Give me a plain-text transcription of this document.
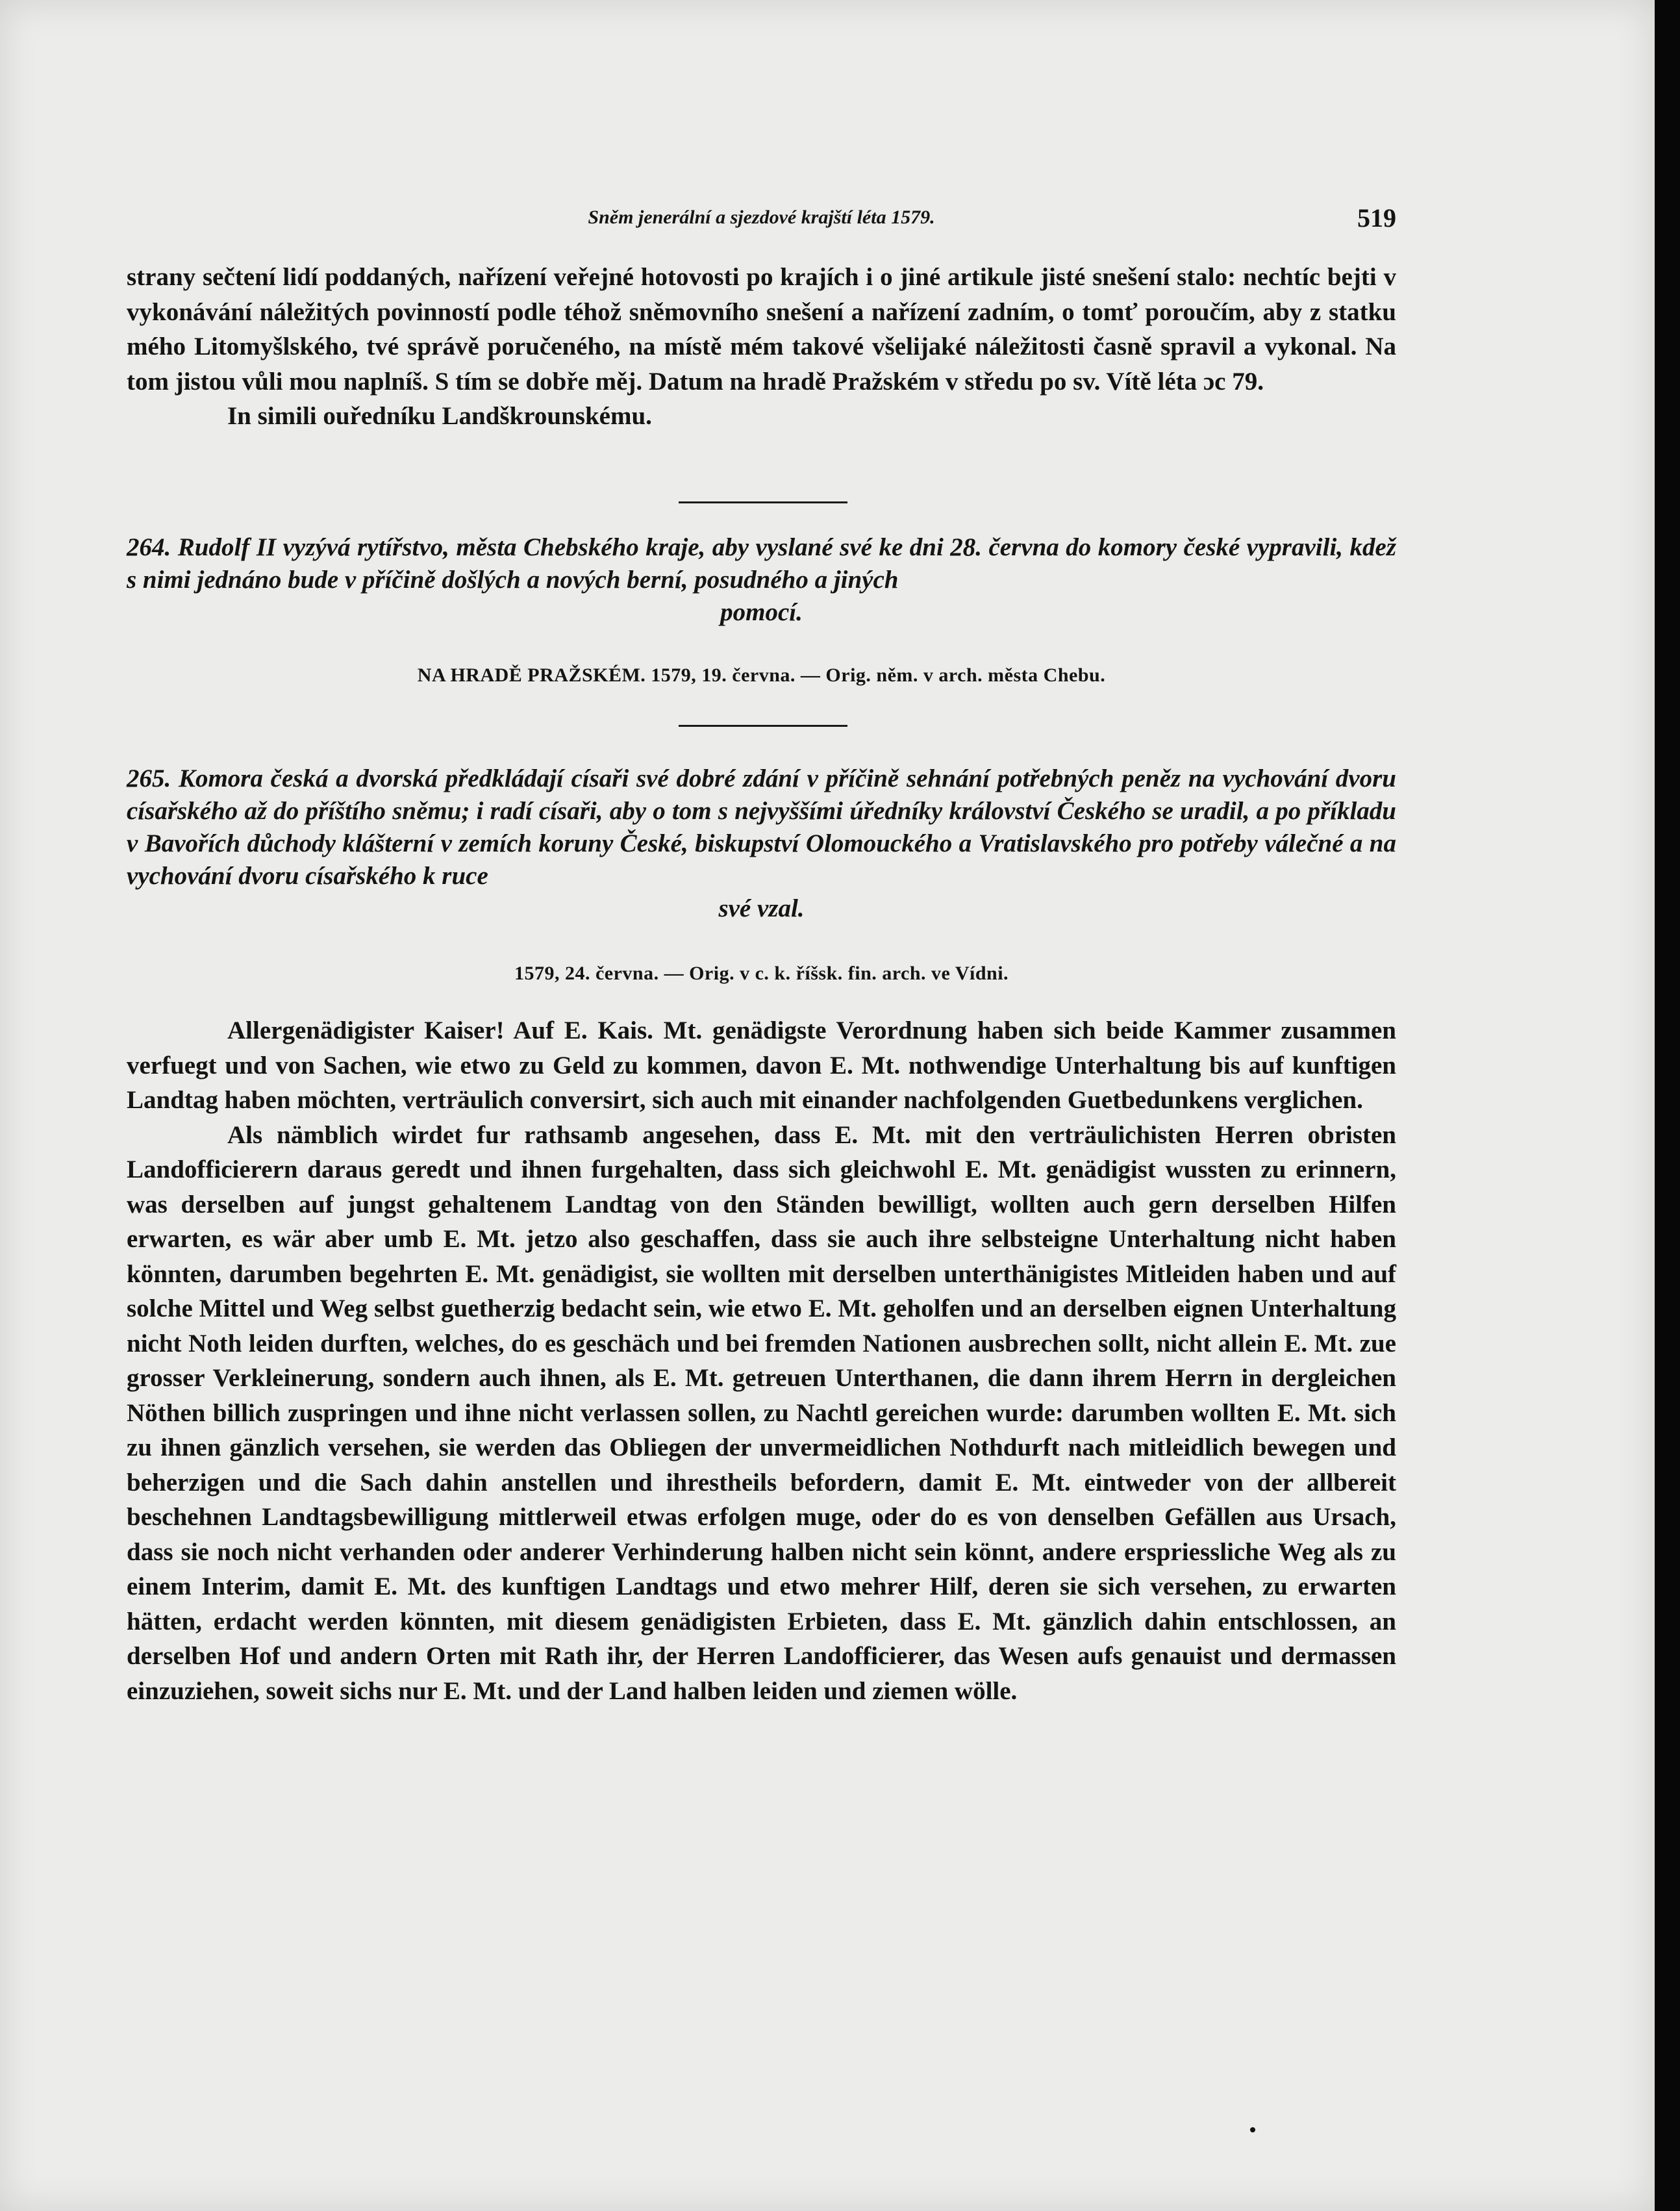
Sněm jenerální a sjezdové krajští léta 1579.	519

strany sečtení lidí poddaných, nařízení veřejné hotovosti po krajích i o jiné artikule jisté snešení stalo: nechtíc bejti v vykonávání náležitých povinností podle téhož sněmovního snešení a nařízení zadním, o tomť poroučím, aby z statku mého Litomyšlského, tvé správě poručeného, na místě mém takové všelijaké náležitosti časně spravil a vykonal. Na tom jistou vůli mou naplníš. S tím se dobře měj. Datum na hradě Pražském v středu po sv. Vítě léta ɔc 79.

In simili ouředníku Landškrounskému.

264. Rudolf II vyzývá rytířstvo, města Chebského kraje, aby vyslané své ke dni 28. června do komory české vypravili, kdež s nimi jednáno bude v příčině došlých a nových berní, posudného a jiných
pomocí.

NA HRADĚ PRAŽSKÉM. 1579, 19. června. — Orig. něm. v arch. města Chebu.

265. Komora česká a dvorská předkládají císaři své dobré zdání v příčině sehnání potřebných peněz na vychování dvoru císařského až do příštího sněmu; i radí císaři, aby o tom s nejvyššími úředníky království Českého se uradil, a po příkladu v Bavořích důchody klášterní v zemích koruny České, biskupství Olomouckého a Vratislavského pro potřeby válečné a na vychování dvoru císařského k ruce
své vzal.

1579, 24. června. — Orig. v c. k. říšsk. fin. arch. ve Vídni.

Allergenädigister Kaiser! Auf E. Kais. Mt. genädigste Verordnung haben sich beide Kammer zusammen verfuegt und von Sachen, wie etwo zu Geld zu kommen, davon E. Mt. nothwendige Unterhaltung bis auf kunftigen Landtag haben möchten, verträulich conversirt, sich auch mit einander nachfolgenden Guetbedunkens verglichen.

Als nämblich wirdet fur rathsamb angesehen, dass E. Mt. mit den verträulichisten Herren obristen Landofficierern daraus geredt und ihnen furgehalten, dass sich gleichwohl E. Mt. genädigist wussten zu erinnern, was derselben auf jungst gehaltenem Landtag von den Ständen bewilligt, wollten auch gern derselben Hilfen erwarten, es wär aber umb E. Mt. jetzo also geschaffen, dass sie auch ihre selbsteigne Unterhaltung nicht haben könnten, darumben begehrten E. Mt. genädigist, sie wollten mit derselben unterthänigistes Mitleiden haben und auf solche Mittel und Weg selbst guetherzig bedacht sein, wie etwo E. Mt. geholfen und an derselben eignen Unterhaltung nicht Noth leiden durften, welches, do es geschäch und bei fremden Nationen ausbrechen sollt, nicht allein E. Mt. zue grosser Verkleinerung, sondern auch ihnen, als E. Mt. getreuen Unterthanen, die dann ihrem Herrn in dergleichen Nöthen billich zuspringen und ihne nicht verlassen sollen, zu Nachtl gereichen wurde: darumben wollten E. Mt. sich zu ihnen gänzlich versehen, sie werden das Obliegen der unvermeidlichen Nothdurft nach mitleidlich bewegen und beherzigen und die Sach dahin anstellen und ihrestheils befordern, damit E. Mt. eintweder von der allbereit beschehnen Landtagsbewilligung mittlerweil etwas erfolgen muge, oder do es von denselben Gefällen aus Ursach, dass sie noch nicht verhanden oder anderer Verhinderung halben nicht sein könnt, andere erspriessliche Weg als zu einem Interim, damit E. Mt. des kunftigen Landtags und etwo mehrer Hilf, deren sie sich versehen, zu erwarten hätten, erdacht werden könnten, mit diesem genädigisten Erbieten, dass E. Mt. gänzlich dahin entschlossen, an derselben Hof und andern Orten mit Rath ihr, der Herren Landofficierer, das Wesen aufs genauist und dermassen einzuziehen, soweit sichs nur E. Mt. und der Land halben leiden und ziemen wölle.
